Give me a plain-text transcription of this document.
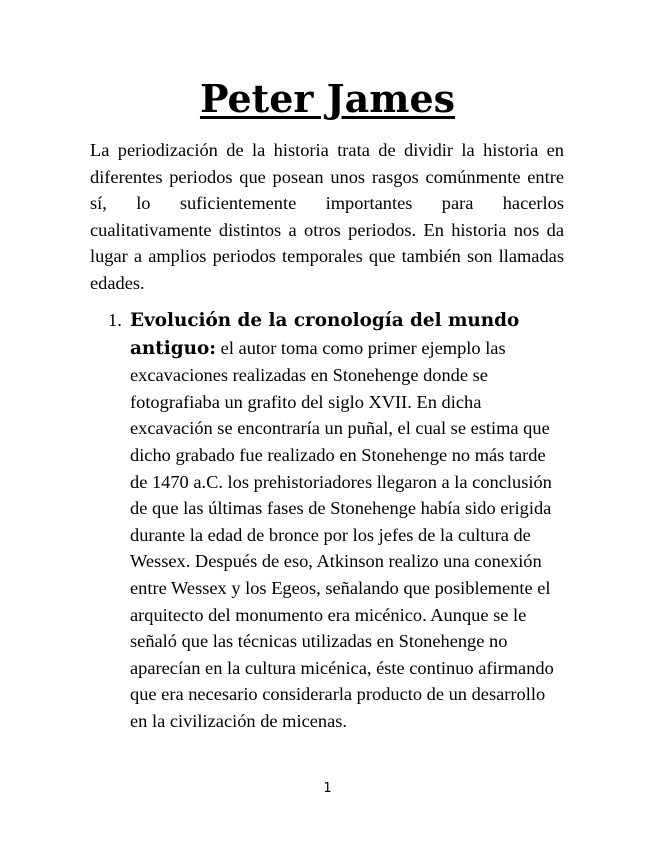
Peter James

La periodización de la historia trata de dividir la historia en diferentes periodos que posean unos rasgos comúnmente entre sí, lo suficientemente importantes para hacerlos cualitativamente distintos a otros periodos. En historia nos da lugar a amplios periodos temporales que también son llamadas edades.

1. Evolución de la cronología del mundo antiguo: el autor toma como primer ejemplo las excavaciones realizadas en Stonehenge donde se fotografiaba un grafito del siglo XVII. En dicha excavación se encontraría un puñal, el cual se estima que dicho grabado fue realizado en Stonehenge no más tarde de 1470 a.C. los prehistoriadores llegaron a la conclusión de que las últimas fases de Stonehenge había sido erigida durante la edad de bronce por los jefes de la cultura de Wessex. Después de eso, Atkinson realizo una conexión entre Wessex y los Egeos, señalando que posiblemente el arquitecto del monumento era micénico. Aunque se le señaló que las técnicas utilizadas en Stonehenge no aparecían en la cultura micénica, éste continuo afirmando que era necesario considerarla producto de un desarrollo en la civilización de micenas.

1
